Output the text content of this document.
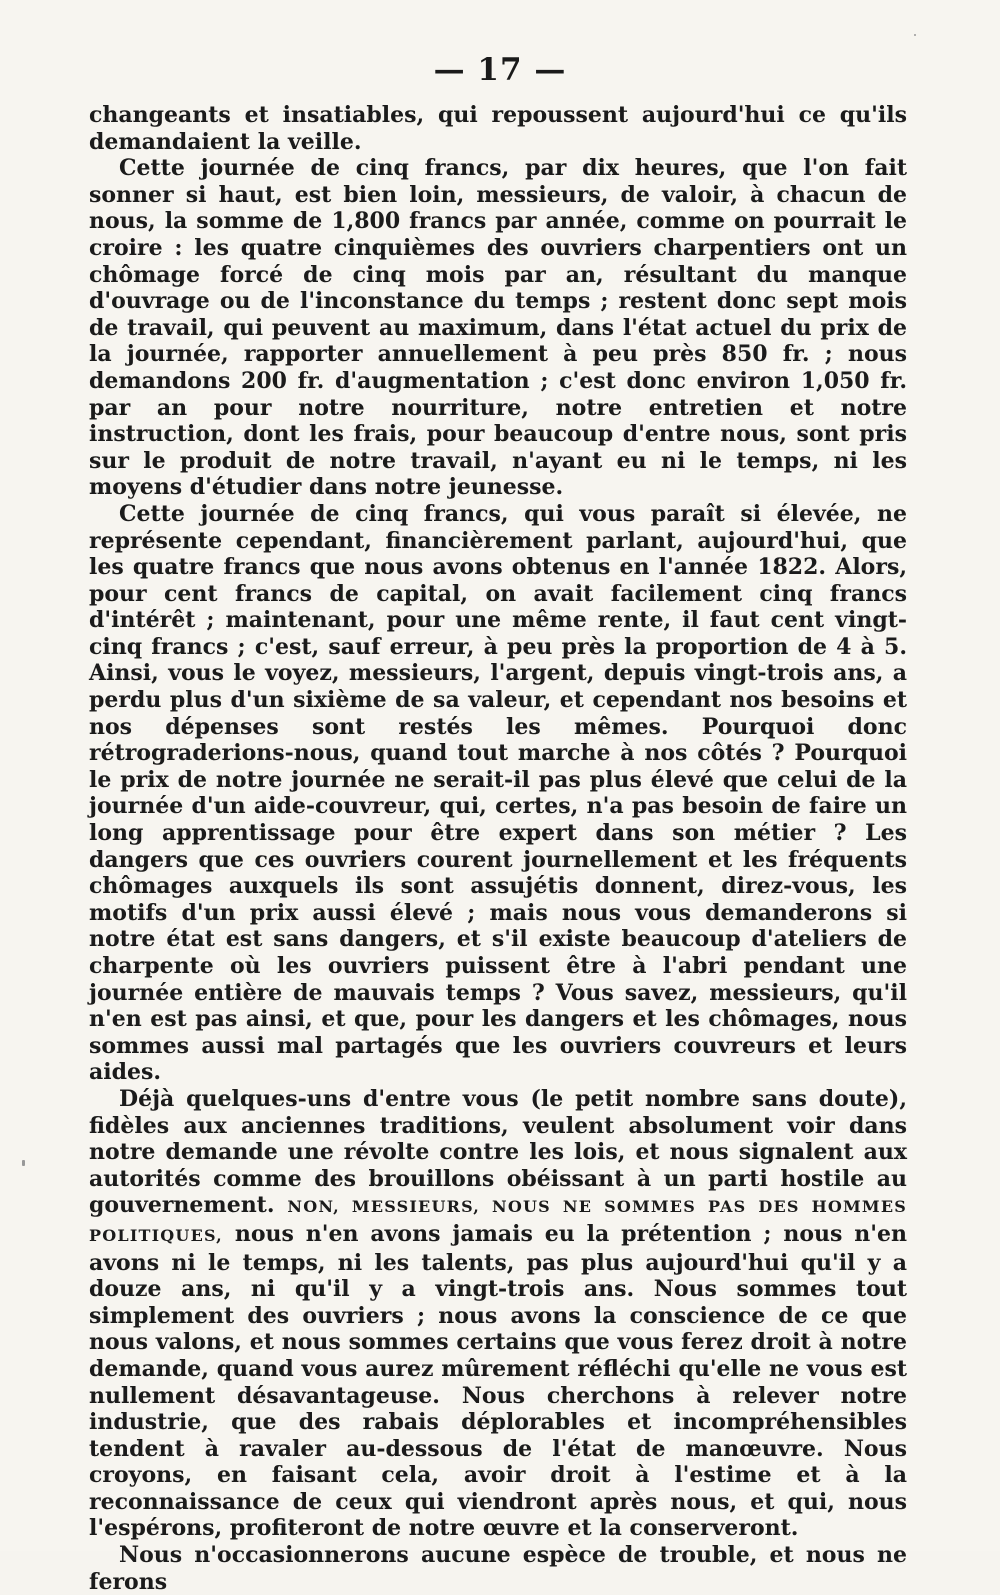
— 17 —

changeants et insatiables, qui repoussent aujourd'hui ce qu'ils demandaient la veille.

Cette journée de cinq francs, par dix heures, que l'on fait sonner si haut, est bien loin, messieurs, de valoir, à chacun de nous, la somme de 1,800 francs par année, comme on pourrait le croire : les quatre cinquièmes des ouvriers charpentiers ont un chômage forcé de cinq mois par an, résultant du manque d'ouvrage ou de l'inconstance du temps ; restent donc sept mois de travail, qui peuvent au maximum, dans l'état actuel du prix de la journée, rapporter annuellement à peu près 850 fr. ; nous demandons 200 fr. d'augmentation ; c'est donc environ 1,050 fr. par an pour notre nourriture, notre entretien et notre instruction, dont les frais, pour beaucoup d'entre nous, sont pris sur le produit de notre travail, n'ayant eu ni le temps, ni les moyens d'étudier dans notre jeunesse.

Cette journée de cinq francs, qui vous paraît si élevée, ne représente cependant, financièrement parlant, aujourd'hui, que les quatre francs que nous avons obtenus en l'année 1822. Alors, pour cent francs de capital, on avait facilement cinq francs d'intérêt ; maintenant, pour une même rente, il faut cent vingt-cinq francs ; c'est, sauf erreur, à peu près la proportion de 4 à 5. Ainsi, vous le voyez, messieurs, l'argent, depuis vingt-trois ans, a perdu plus d'un sixième de sa valeur, et cependant nos besoins et nos dépenses sont restés les mêmes. Pourquoi donc rétrograderions-nous, quand tout marche à nos côtés ? Pourquoi le prix de notre journée ne serait-il pas plus élevé que celui de la journée d'un aide-couvreur, qui, certes, n'a pas besoin de faire un long apprentissage pour être expert dans son métier ? Les dangers que ces ouvriers courent journellement et les fréquents chômages auxquels ils sont assujétis donnent, direz-vous, les motifs d'un prix aussi élevé ; mais nous vous demanderons si notre état est sans dangers, et s'il existe beaucoup d'ateliers de charpente où les ouvriers puissent être à l'abri pendant une journée entière de mauvais temps ? Vous savez, messieurs, qu'il n'en est pas ainsi, et que, pour les dangers et les chômages, nous sommes aussi mal partagés que les ouvriers couvreurs et leurs aides.

Déjà quelques-uns d'entre vous (le petit nombre sans doute), fidèles aux anciennes traditions, veulent absolument voir dans notre demande une révolte contre les lois, et nous signalent aux autorités comme des brouillons obéissant à un parti hostile au gouvernement. NON, MESSIEURS, NOUS NE SOMMES PAS DES HOMMES POLITIQUES, nous n'en avons jamais eu la prétention ; nous n'en avons ni le temps, ni les talents, pas plus aujourd'hui qu'il y a douze ans, ni qu'il y a vingt-trois ans. Nous sommes tout simplement des ouvriers ; nous avons la conscience de ce que nous valons, et nous sommes certains que vous ferez droit à notre demande, quand vous aurez mûrement réfléchi qu'elle ne vous est nullement désavantageuse. Nous cherchons à relever notre industrie, que des rabais déplorables et incompréhensibles tendent à ravaler au-dessous de l'état de manœuvre. Nous croyons, en faisant cela, avoir droit à l'estime et à la reconnaissance de ceux qui viendront après nous, et qui, nous l'espérons, profiteront de notre œuvre et la conserveront.

Nous n'occasionnerons aucune espèce de trouble, et nous ne ferons
